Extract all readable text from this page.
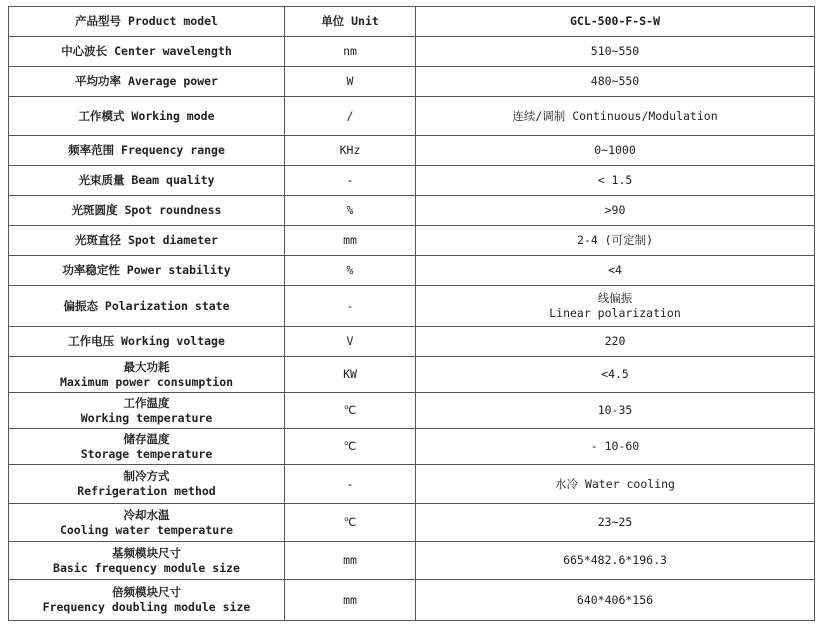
产品型号 Product model	单位 Unit	GCL-500-F-S-W

中心波长 Center wavelength	nm	510~550

平均功率 Average power	W	480~550

工作模式 Working mode	/	连续/调制 Continuous/Modulation

频率范围 Frequency range	KHz	0~1000

光束质量 Beam quality	-	< 1.5

光斑圆度 Spot roundness	%	>90

光斑直径 Spot diameter	mm	2-4 (可定制)

功率稳定性 Power stability	%	<4

偏振态 Polarization state	-	线偏振
Linear polarization

工作电压 Working voltage	V	220

最大功耗
Maximum power consumption	KW	<4.5

工作温度
Working temperature	℃	10-35

储存温度
Storage temperature	℃	- 10-60

制冷方式
Refrigeration method	-	水冷 Water cooling

冷却水温
Cooling water temperature	℃	23~25

基频模块尺寸
Basic frequency module size	mm	665*482.6*196.3

倍频模块尺寸
Frequency doubling module size	mm	640*406*156
